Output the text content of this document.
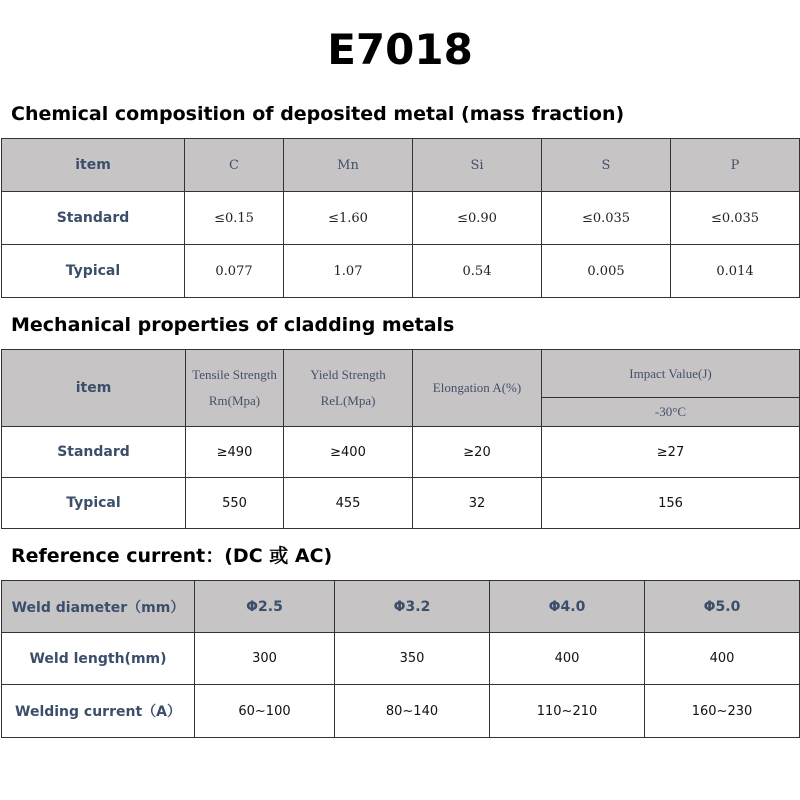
E7018
Chemical composition of deposited metal (mass fraction)
item	C	Mn	Si	S	P
Standard	≤0.15	≤1.60	≤0.90	≤0.035	≤0.035
Typical	0.077	1.07	0.54	0.005	0.014
Mechanical properties of cladding metals
item	Tensile Strength Rm(Mpa)	Yield Strength ReL(Mpa)	Elongation A(%)	Impact Value(J)
				-30°C
Standard	≥490	≥400	≥20	≥27
Typical	550	455	32	156
Reference current：(DC 或 AC)
Weld diameter（mm）	Φ2.5	Φ3.2	Φ4.0	Φ5.0
Weld length(mm)	300	350	400	400
Welding current（A）	60~100	80~140	110~210	160~230
